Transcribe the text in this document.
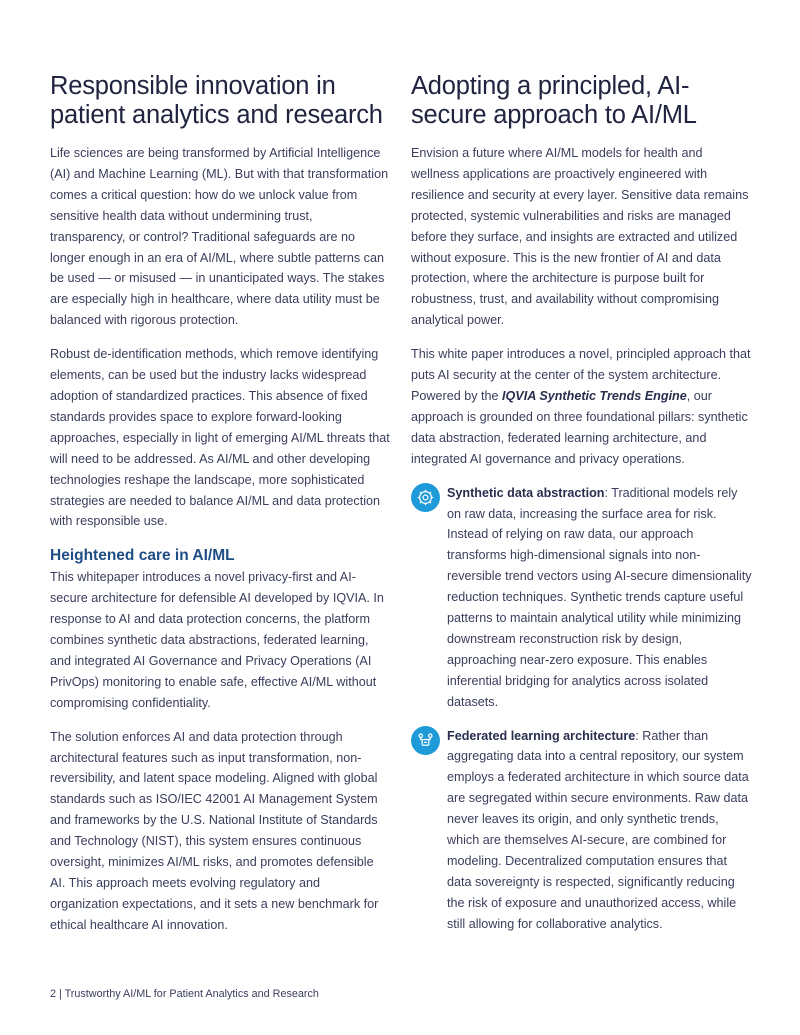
Responsible innovation in patient analytics and research

Life sciences are being transformed by Artificial Intelligence (AI) and Machine Learning (ML). But with that transformation comes a critical question: how do we unlock value from sensitive health data without undermining trust, transparency, or control? Traditional safeguards are no longer enough in an era of AI/ML, where subtle patterns can be used — or misused — in unanticipated ways. The stakes are especially high in healthcare, where data utility must be balanced with rigorous protection.

Robust de-identification methods, which remove identifying elements, can be used but the industry lacks widespread adoption of standardized practices. This absence of fixed standards provides space to explore forward-looking approaches, especially in light of emerging AI/ML threats that will need to be addressed. As AI/ML and other developing technologies reshape the landscape, more sophisticated strategies are needed to balance AI/ML and data protection with responsible use.

Heightened care in AI/ML

This whitepaper introduces a novel privacy-first and AI-secure architecture for defensible AI developed by IQVIA. In response to AI and data protection concerns, the platform combines synthetic data abstractions, federated learning, and integrated AI Governance and Privacy Operations (AI PrivOps) monitoring to enable safe, effective AI/ML without compromising confidentiality.

The solution enforces AI and data protection through architectural features such as input transformation, non-reversibility, and latent space modeling. Aligned with global standards such as ISO/IEC 42001 AI Management System and frameworks by the U.S. National Institute of Standards and Technology (NIST), this system ensures continuous oversight, minimizes AI/ML risks, and promotes defensible AI. This approach meets evolving regulatory and organization expectations, and it sets a new benchmark for ethical healthcare AI innovation.

Adopting a principled, AI-secure approach to AI/ML

Envision a future where AI/ML models for health and wellness applications are proactively engineered with resilience and security at every layer. Sensitive data remains protected, systemic vulnerabilities and risks are managed before they surface, and insights are extracted and utilized without exposure. This is the new frontier of AI and data protection, where the architecture is purpose built for robustness, trust, and availability without compromising analytical power.

This white paper introduces a novel, principled approach that puts AI security at the center of the system architecture. Powered by the IQVIA Synthetic Trends Engine, our approach is grounded on three foundational pillars: synthetic data abstraction, federated learning architecture, and integrated AI governance and privacy operations.

Synthetic data abstraction: Traditional models rely on raw data, increasing the surface area for risk. Instead of relying on raw data, our approach transforms high-dimensional signals into non-reversible trend vectors using AI-secure dimensionality reduction techniques. Synthetic trends capture useful patterns to maintain analytical utility while minimizing downstream reconstruction risk by design, approaching near-zero exposure. This enables inferential bridging for analytics across isolated datasets.

Federated learning architecture: Rather than aggregating data into a central repository, our system employs a federated architecture in which source data are segregated within secure environments. Raw data never leaves its origin, and only synthetic trends, which are themselves AI-secure, are combined for modeling. Decentralized computation ensures that data sovereignty is respected, significantly reducing the risk of exposure and unauthorized access, while still allowing for collaborative analytics.

2 | Trustworthy AI/ML for Patient Analytics and Research
